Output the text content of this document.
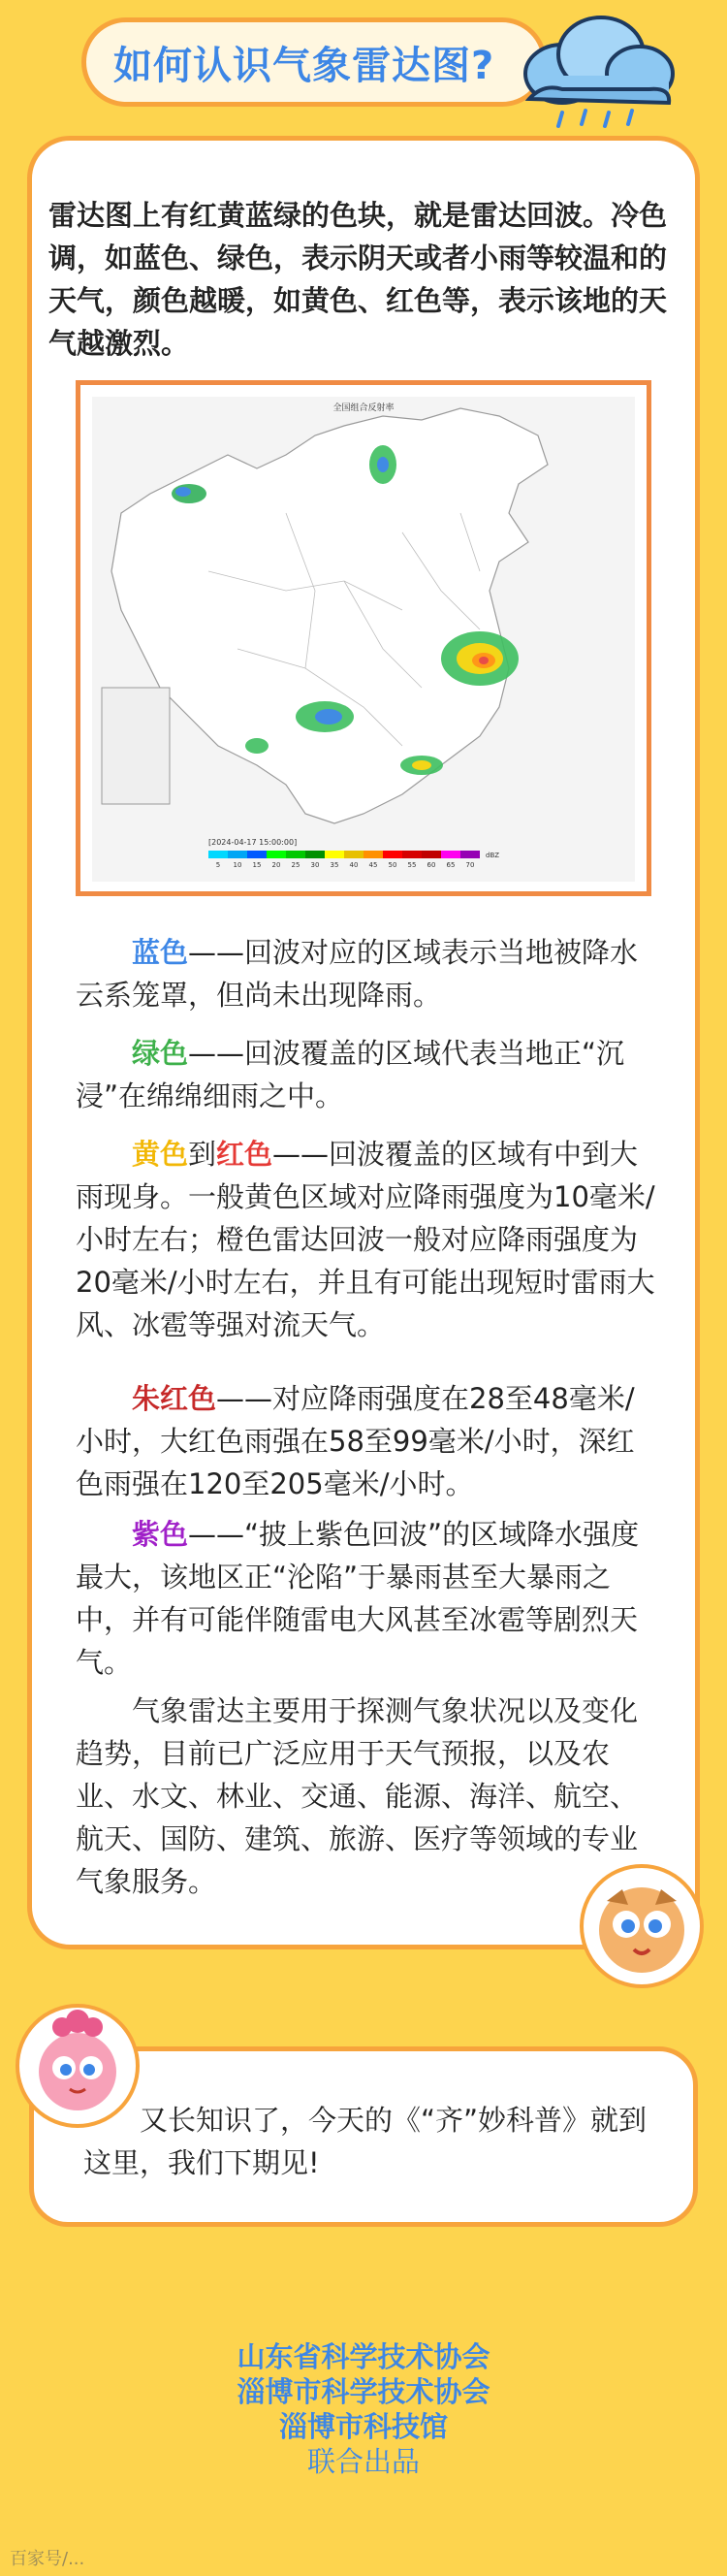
如何认识气象雷达图?

雷达图上有红黄蓝绿的色块，就是雷达回波。冷色调，如蓝色、绿色，表示阴天或者小雨等较温和的天气，颜色越暖，如黄色、红色等，表示该地的天气越激烈。

全国组合反射率
[2024-04-17 15:00:00]
5 10 15 20 25 30 35 40 45 50 55 60 65 70
dBZ

蓝色——回波对应的区域表示当地被降水云系笼罩，但尚未出现降雨。

绿色——回波覆盖的区域代表当地正“沉浸”在绵绵细雨之中。

黄色到红色——回波覆盖的区域有中到大雨现身。一般黄色区域对应降雨强度为10毫米/小时左右；橙色雷达回波一般对应降雨强度为20毫米/小时左右，并且有可能出现短时雷雨大风、冰雹等强对流天气。

朱红色——对应降雨强度在28至48毫米/小时，大红色雨强在58至99毫米/小时，深红色雨强在120至205毫米/小时。

紫色——“披上紫色回波”的区域降水强度最大，该地区正“沦陷”于暴雨甚至大暴雨之中，并有可能伴随雷电大风甚至冰雹等剧烈天气。

气象雷达主要用于探测气象状况以及变化趋势，目前已广泛应用于天气预报，以及农业、水文、林业、交通、能源、海洋、航空、航天、国防、建筑、旅游、医疗等领域的专业气象服务。

又长知识了，今天的《“齐”妙科普》就到这里，我们下期见!

山东省科学技术协会
淄博市科学技术协会
淄博市科技馆
联合出品
百家号/...
